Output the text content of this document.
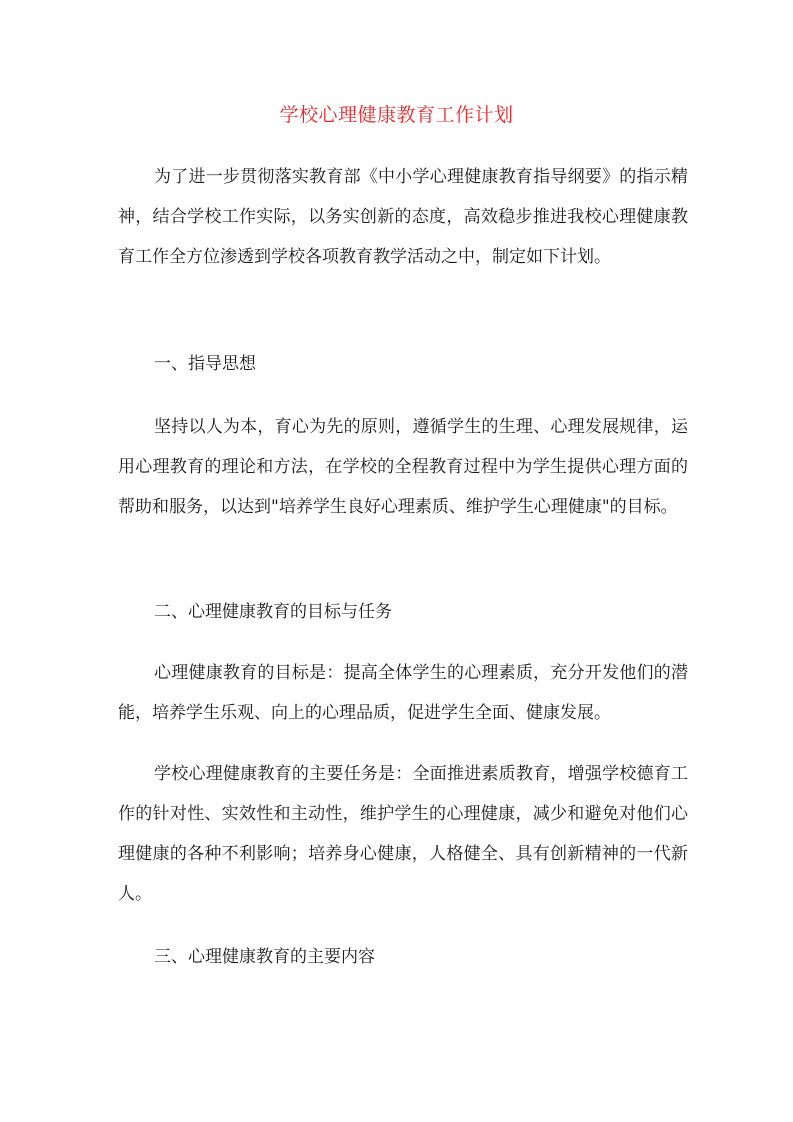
学校心理健康教育工作计划

为了进一步贯彻落实教育部《中小学心理健康教育指导纲要》的指示精神，结合学校工作实际，以务实创新的态度，高效稳步推进我校心理健康教育工作全方位渗透到学校各项教育教学活动之中，制定如下计划。

一、指导思想

坚持以人为本，育心为先的原则，遵循学生的生理、心理发展规律，运用心理教育的理论和方法，在学校的全程教育过程中为学生提供心理方面的帮助和服务，以达到"培养学生良好心理素质、维护学生心理健康"的目标。

二、心理健康教育的目标与任务

心理健康教育的目标是：提高全体学生的心理素质，充分开发他们的潜能，培养学生乐观、向上的心理品质，促进学生全面、健康发展。

学校心理健康教育的主要任务是：全面推进素质教育，增强学校德育工作的针对性、实效性和主动性，维护学生的心理健康，减少和避免对他们心理健康的各种不利影响；培养身心健康，人格健全、具有创新精神的一代新人。

三、心理健康教育的主要内容
